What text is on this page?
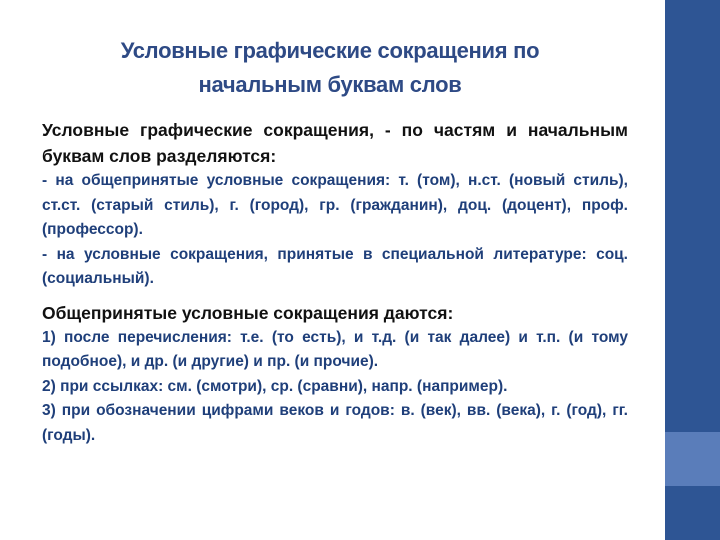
Условные графические сокращения по
начальным буквам слов

Условные графические сокращения, - по частям и начальным буквам слов разделяются:

- на общепринятые условные сокращения: т. (том), н.ст. (новый стиль), ст.ст. (старый стиль), г. (город), гр. (гражданин), доц. (доцент), проф. (профессор).

- на условные сокращения, принятые в специальной литературе: соц. (социальный).

Общепринятые условные сокращения даются:

1) после перечисления: т.е. (то есть), и т.д. (и так далее) и т.п. (и тому подобное), и др. (и другие) и пр. (и прочие).

2) при ссылках: см. (смотри), ср. (сравни), напр. (например).

3) при обозначении цифрами веков и годов: в. (век), вв. (века), г. (год), гг. (годы).
